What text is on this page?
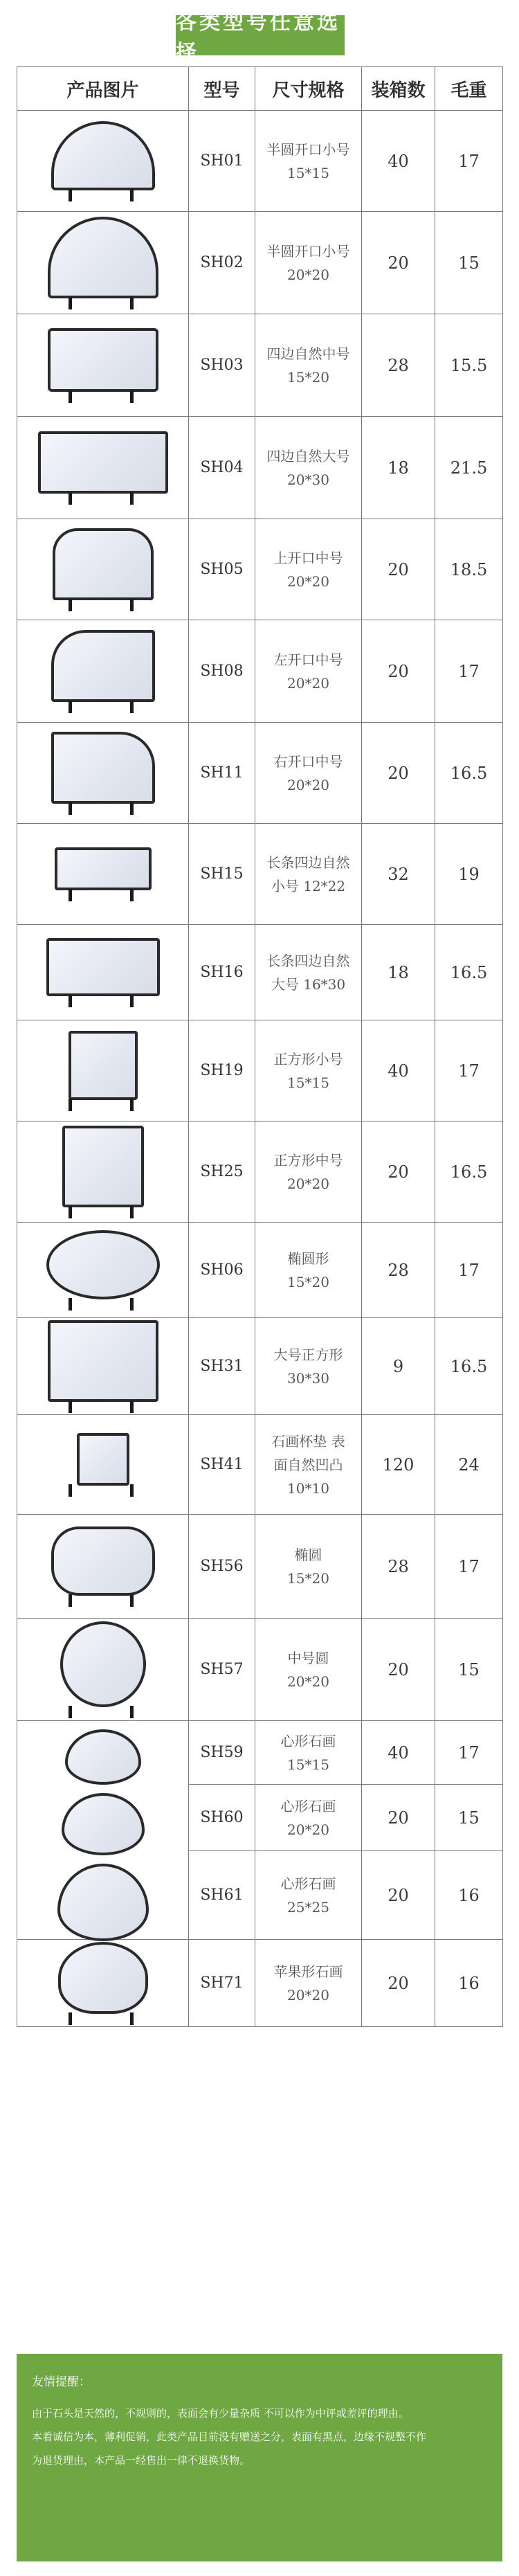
各类型号任意选择
产品图片	型号	尺寸规格	装箱数	毛重

	SH01	半圆开口小号
15*15	40	17

	SH02	半圆开口小号
20*20	20	15

	SH03	四边自然中号
15*20	28	15.5

	SH04	四边自然大号
20*30	18	21.5

	SH05	上开口中号
20*20	20	18.5

	SH08	左开口中号
20*20	20	17

	SH11	右开口中号
20*20	20	16.5

	SH15	长条四边自然
小号 12*22	32	19

	SH16	长条四边自然
大号 16*30	18	16.5

	SH19	正方形小号
15*15	40	17

	SH25	正方形中号
20*20	20	16.5

	SH06	椭圆形
15*20	28	17

	SH31	大号正方形
30*30	9	16.5

	SH41	石画杯垫 表
面自然凹凸
10*10	120	24

	SH56	椭圆
15*20	28	17

	SH57	中号圆
20*20	20	15

	SH59	心形石画
15*15	40	17
	SH60	心形石画
20*20	20	15
	SH61	心形石画
25*25	20	16

	SH71	苹果形石画
20*20	20	16
友情提醒：
由于石头是天然的，不规则的，表面会有少量杂质 不可以作为中评或差评的理由。
本着诚信为本，薄利促销，此类产品目前没有赠送之分，表面有黑点，边缘不规整不作
为退货理由，本产品一经售出一律不退换货物。
